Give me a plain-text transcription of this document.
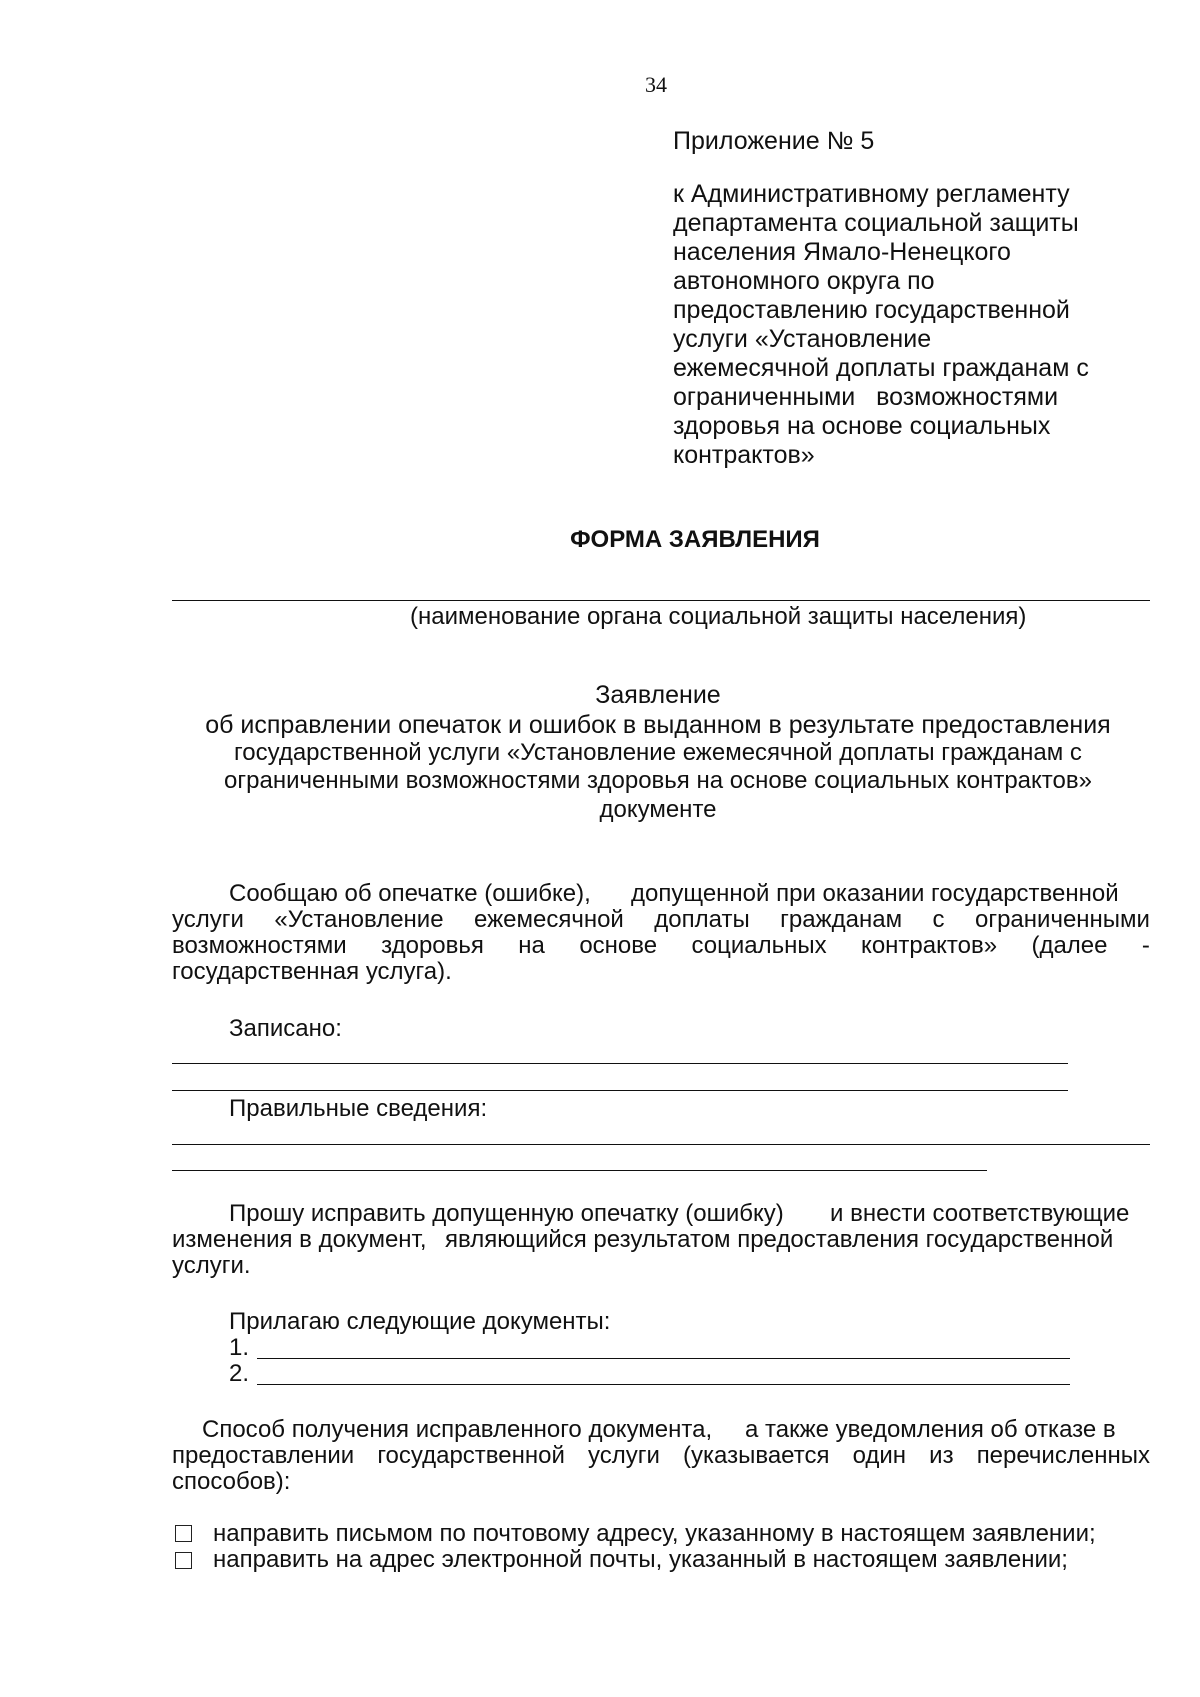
34
Приложение № 5
к Административному регламенту
департамента социальной защиты
населения Ямало-Ненецкого
автономного округа по
предоставлению государственной
услуги «Установление
ежемесячной доплаты гражданам с
ограниченными   возможностями
здоровья на основе социальных
контрактов»
ФОРМА ЗАЯВЛЕНИЯ
(наименование органа социальной защиты населения)
Заявление
об исправлении опечаток и ошибок в выданном в результате предоставления
государственной услуги «Установление ежемесячной доплаты гражданам с
ограниченными возможностями здоровья на основе социальных контрактов»
документе
Сообщаю об опечатке (ошибке), допущенной при оказании государственной
услуги «Установление ежемесячной доплаты гражданам с ограниченными
возможностями здоровья на основе социальных контрактов» (далее -
государственная услуга).
Записано:
Правильные сведения:
Прошу исправить допущенную опечатку (ошибку) и внести соответствующие
изменения в документ, являющийся результатом предоставления государственной
услуги.
Прилагаю следующие документы:
1.
2.
Способ получения исправленного документа, а также уведомления об отказе в
предоставлении государственной услуги (указывается один из перечисленных
способов):
направить письмом по почтовому адресу, указанному в настоящем заявлении;
направить на адрес электронной почты, указанный в настоящем заявлении;
